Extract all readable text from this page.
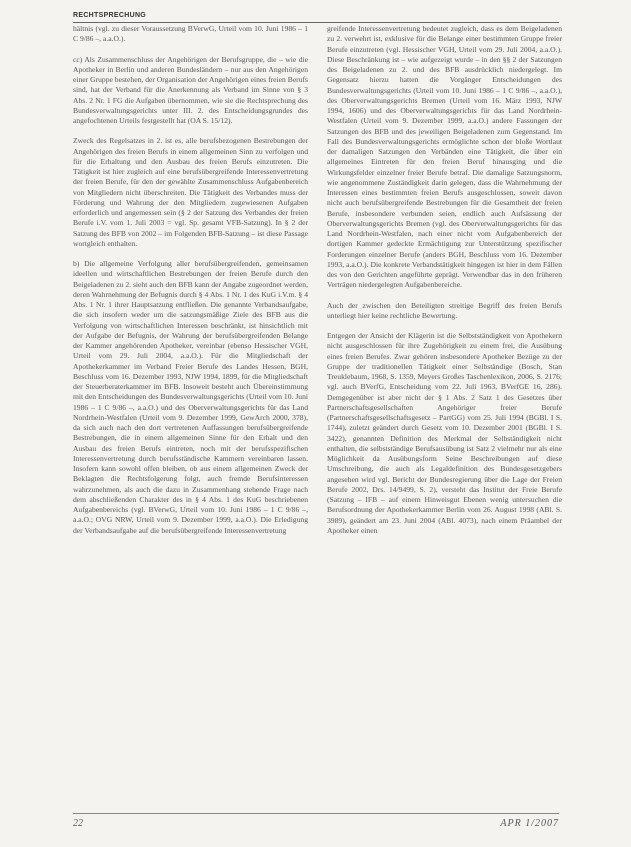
RECHTSPRECHUNG

hältnis (vgl. zu dieser Voraussetzung BVerwG, Urteil vom 10. Juni 1986 – 1 C 9/86 –, a.a.O.).

cc) Als Zusammenschluss der Angehörigen der Berufsgruppe, die – wie die Apotheker in Berlin und anderen Bundesländern – nur aus den Angehörigen einer Gruppe bestehen, der Organisation der Angehörigen eines freien Berufs sind, hat der Verband für die Anerkennung als Verband im Sinne von § 3 Abs. 2 Nr. 1 FG die Aufgaben übernommen, wie sie die Rechtsprechung des Bundesverwaltungsgerichts unter III. 2. des Entscheidungsgrundes des angefochtenen Urteils festgestellt hat (OA S. 15/12).

Zweck des Regelsatzes in 2. ist es, alle berufsbezogenen Bestrebungen der Angehörigen des freien Berufs in einem allgemeinen Sinn zu verfolgen und für die Erhaltung und den Ausbau des freien Berufs einzutreten. Die Tätigkeit ist hier zugleich auf eine berufsübergreifende Interessenvertretung der freien Berufe, für den der gewählte Zusammenschluss Aufgabenbereich von Mitgliedern nicht überschreiten. Die Tätigkeit des Verbandes muss der Förderung und Wahrung der den Mitgliedern zugewiesenen Aufgaben erforderlich und angemessen sein (§ 2 der Satzung des Verbandes der freien Berufe i.V. vom 1. Juli 2003 = vgl. Sp. gesamt VFB-Satzung). In § 2 der Satzung des BFB von 2002 – im Folgenden BFB-Satzung – ist diese Passage wortgleich enthalten.

b) Die allgemeine Verfolgung aller berufsübergreifenden, gemeinsamen ideellen und wirtschaftlichen Bestrebungen der freien Berufe durch den Beigeladenen zu 2. sieht auch den BFB kann der Angabe zugeordnet werden, deren Wahrnehmung der Befugnis durch § 4 Abs. 1 Nr. 1 des KuG i.V.m. § 4 Abs. 1 Nr. 1 ihrer Hauptsatzung entfließen. Die genannte Verbandsaufgabe, die sich insofern weder um die satzungsmäßige Ziele des BFB aus die Verfolgung von wirtschaftlichen Interessen beschränkt, ist hinsichtlich mit der Aufgabe der Befugnis, der Wahrung der berufsübergreifenden Belange der Kammer angehörenden Apotheker, vereinbar (ebenso Hessischer VGH, Urteil vom 29. Juli 2004, a.a.O.). Für die Mitgliedschaft der Apothekerkammer im Verband Freier Berufe des Landes Hessen, BGH, Beschluss vom 16. Dezember 1993, NJW 1994, 1899, für die Mitgliedschaft der Steuerberaterkammer im BFB. Insoweit besteht auch Übereinstimmung mit den Entscheidungen des Bundesverwaltungsgerichts (Urteil vom 10. Juni 1986 – 1 C 9/86 –, a.a.O.) und des Oberverwaltungsgerichts für das Land Nordrhein-Westfalen (Urteil vom 9. Dezember 1999, GewArch 2000, 378), da sich auch nach den dort vertretenen Auffassungen berufsübergreifende Bestrebungen, die in einem allgemeinen Sinne für den Erhalt und den Ausbau des freien Berufs eintreten, noch mit der berufsspezifischen Interessenvertretung durch berufsständische Kammern vereinbaren lassen. Insofern kann sowohl offen bleiben, ob aus einem allgemeinen Zweck der Beklagten die Rechtsfolgerung folgt, auch fremde Berufsinteressen wahrzunehmen, als auch die dazu in Zusammenhang stehende Frage nach dem abschließenden Charakter des in § 4 Abs. 1 des KuG beschriebenen Aufgabenbereichs (vgl. BVerwG, Urteil vom 10. Juni 1986 – 1 C 9/86 –, a.a.O.; OVG NRW, Urteil vom 9. Dezember 1999, a.a.O.). Die Erledigung der Verbandsaufgabe auf die berufsübergreifende Interessenvertretung

greifende Interessenvertretung bedeutet zugleich, dass es dem Beigeladenen zu 2. verwehrt ist, exklusive für die Belange einer bestimmten Gruppe freier Berufe einzutreten (vgl. Hessischer VGH, Urteil vom 29. Juli 2004, a.a.O.). Diese Beschränkung ist – wie aufgezeigt wurde – in den §§ 2 der Satzungen des Beigeladenen zu 2. und des BFB ausdrücklich niedergelegt. Im Gegensatz hierzu hatten die Vorgänger Entscheidungen des Bundesverwaltungsgerichts (Urteil vom 10. Juni 1986 – 1 C 9/86 –, a.a.O.), des Oberverwaltungsgerichts Bremen (Urteil vom 16. März 1993, NJW 1994, 1606) und des Oberverwaltungsgerichts für das Land Nordrhein-Westfalen (Urteil vom 9. Dezember 1999, a.a.O.) andere Fassungen der Satzungen des BFB und des jeweiligen Beigeladenen zum Gegenstand. Im Fall des Bundesverwaltungsgerichts ermöglichte schon der bloße Wortlaut der damaligen Satzungen den Verbänden eine Tätigkeit, die über ein allgemeines Eintreten für den freien Beruf hinausging und die Wirkungsfelder einzelner freier Berufe betraf. Die damalige Satzungsnorm, wie angenommene Zuständigkeit darin gelegen, dass die Wahrnehmung der Interessen eines bestimmten freien Berufs ausgeschlossen, soweit davon nicht auch berufsübergreifende Bestrebungen für die Gesamtheit der freien Berufe, insbesondere verbunden seien, endlich auch Aufsässung der Oberverwaltungsgerichts Bremen (vgl. des Oberverwaltungsgerichts für das Land Nordrhein-Westfalen, nach einer nicht vom Aufgabenbereich der dortigen Kammer gedeckte Ermächtigung zur Unterstützung spezifischer Forderungen einzelner Berufe (anders BGH, Beschluss vom 16. Dezember 1993, a.a.O.). Die konkrete Verbandstätigkeit hingegen ist hier in dem Fällen des von den Gerichten angeführte geprägt. Verwendbar das in den früheren Verträgen niedergelegten Aufgabenbereiche.

Auch der zwischen den Beteiligten streitige Begriff des freien Berufs unterliegt hier keine rechtliche Bewertung.

Entgegen der Ansicht der Klägerin ist die Selbstständigkeit von Apothekern nicht ausgeschlossen für ihre Zugehörigkeit zu einem frei, die Ausübung eines freien Berufes. Zwar gehören insbesondere Apotheker Bezüge zu der Gruppe der traditionellen Tätigkeit einer Selbständige (Bosch, Stan Treuklebaum, 1968, S. 1359, Meyers Großes Taschenlexikon, 2006, S. 2176; vgl. auch BVerfG, Entscheidung vom 22. Juli 1963, BVerfGE 16, 286). Demgegenüber ist aber nicht der § 1 Abs. 2 Satz 1 des Gesetzes über Partnerschaftsgesellschaften Angehöriger freier Berufe (Partnerschaftsgesellschaftsgesetz – PartGG) vom 25. Juli 1994 (BGBl. I S. 1744), zuletzt geändert durch Gesetz vom 10. Dezember 2001 (BGBl. I S. 3422), genannten Definition des Merkmal der Selbständigkeit nicht enthalten, die selbstständige Berufsausübung ist Satz 2 vielmehr nur als eine Möglichkeit da Ausübungsform Seine Beschreibungen auf diese Umschreibung, die auch als Legaldefinition des Bundesgesetzgebers angesehen wird vgl. Bericht der Bundesregierung über die Lage der Freien Berufe 2002, Drs. 14/9499, S. 2), versteht das Institut der Freie Berufe (Satzung – IFB – auf einem Hinweisgut Ebenen wenig untersuchen die Berufsordnung der Apothekerkammer Berlin vom 26. August 1998 (ABl. S. 3989), geändert am 23. Juni 2004 (ABl. 4073), nach einem Präambel der Apotheker einen

22	APR 1/2007
